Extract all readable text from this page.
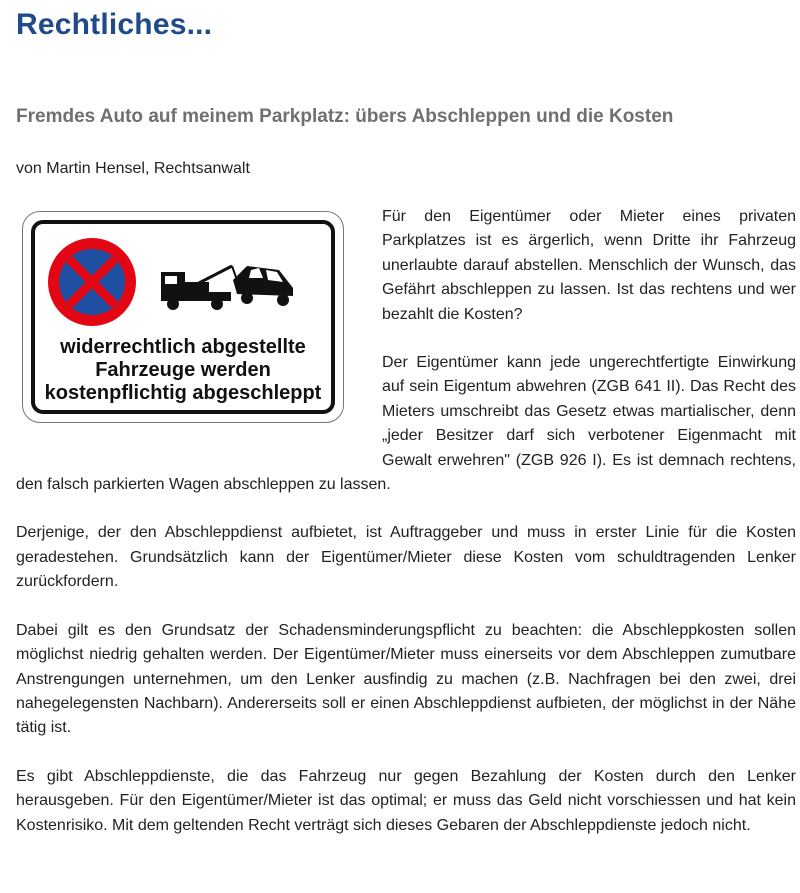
Rechtliches...
Fremdes Auto auf meinem Parkplatz: übers Abschleppen und die Kosten
von Martin Hensel, Rechtsanwalt
widerrechtlich abgestellte
Fahrzeuge werden
kostenpflichtig abgeschleppt

Für den Eigentümer oder Mieter eines privaten Parkplatzes ist es ärgerlich, wenn Dritte ihr Fahrzeug unerlaubte darauf abstellen. Menschlich der Wunsch, das Gefährt abschleppen zu lassen. Ist das rechtens und wer bezahlt die Kosten?

Der Eigentümer kann jede ungerechtfertigte Einwirkung auf sein Eigentum abwehren (ZGB 641 II). Das Recht des Mieters umschreibt das Gesetz etwas martialischer, denn „jeder Besitzer darf sich verbotener Eigenmacht mit Gewalt erwehren" (ZGB 926 I). Es ist demnach rechtens, den falsch parkierten Wagen abschleppen zu lassen.

Derjenige, der den Abschleppdienst aufbietet, ist Auftraggeber und muss in erster Linie für die Kosten geradestehen. Grundsätzlich kann der Eigentümer/Mieter diese Kosten vom schuldtragenden Lenker zurückfordern.

Dabei gilt es den Grundsatz der Schadensminderungspflicht zu beachten: die Abschleppkosten sollen möglichst niedrig gehalten werden. Der Eigentümer/Mieter muss einerseits vor dem Abschleppen zumutbare Anstrengungen unternehmen, um den Lenker ausfindig zu machen (z.B. Nachfragen bei den zwei, drei nahegelegensten Nachbarn). Andererseits soll er einen Abschleppdienst aufbieten, der möglichst in der Nähe tätig ist.

Es gibt Abschleppdienste, die das Fahrzeug nur gegen Bezahlung der Kosten durch den Lenker herausgeben. Für den Eigentümer/Mieter ist das optimal; er muss das Geld nicht vorschiessen und hat kein Kostenrisiko. Mit dem geltenden Recht verträgt sich dieses Gebaren der Abschleppdienste jedoch nicht.
